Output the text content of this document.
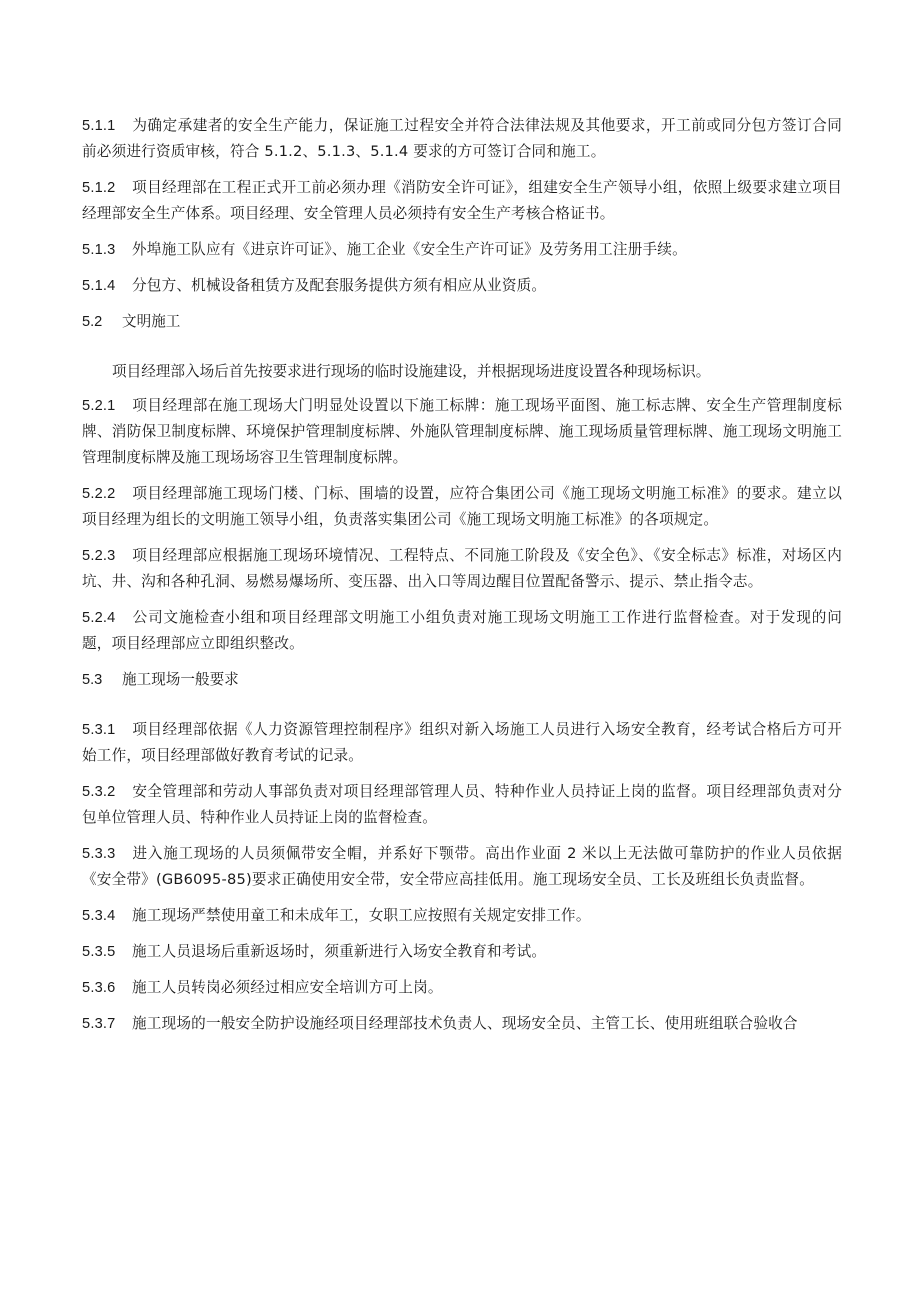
5.1.1 为确定承建者的安全生产能力，保证施工过程安全并符合法律法规及其他要求，开工前或同分包方签订合同前必须进行资质审核，符合 5.1.2、5.1.3、5.1.4 要求的方可签订合同和施工。

5.1.2 项目经理部在工程正式开工前必须办理《消防安全许可证》，组建安全生产领导小组，依照上级要求建立项目经理部安全生产体系。项目经理、安全管理人员必须持有安全生产考核合格证书。

5.1.3 外埠施工队应有《进京许可证》、施工企业《安全生产许可证》及劳务用工注册手续。

5.1.4 分包方、机械设备租赁方及配套服务提供方须有相应从业资质。

5.2 文明施工

项目经理部入场后首先按要求进行现场的临时设施建设，并根据现场进度设置各种现场标识。

5.2.1 项目经理部在施工现场大门明显处设置以下施工标牌：施工现场平面图、施工标志牌、安全生产管理制度标牌、消防保卫制度标牌、环境保护管理制度标牌、外施队管理制度标牌、施工现场质量管理标牌、施工现场文明施工管理制度标牌及施工现场场容卫生管理制度标牌。

5.2.2 项目经理部施工现场门楼、门标、围墙的设置，应符合集团公司《施工现场文明施工标准》的要求。建立以项目经理为组长的文明施工领导小组，负责落实集团公司《施工现场文明施工标准》的各项规定。

5.2.3 项目经理部应根据施工现场环境情况、工程特点、不同施工阶段及《安全色》、《安全标志》标准，对场区内坑、井、沟和各种孔洞、易燃易爆场所、变压器、出入口等周边醒目位置配备警示、提示、禁止指令志。

5.2.4 公司文施检查小组和项目经理部文明施工小组负责对施工现场文明施工工作进行监督检查。对于发现的问题，项目经理部应立即组织整改。

5.3 施工现场一般要求

5.3.1 项目经理部依据《人力资源管理控制程序》组织对新入场施工人员进行入场安全教育，经考试合格后方可开始工作，项目经理部做好教育考试的记录。

5.3.2 安全管理部和劳动人事部负责对项目经理部管理人员、特种作业人员持证上岗的监督。项目经理部负责对分包单位管理人员、特种作业人员持证上岗的监督检查。

5.3.3 进入施工现场的人员须佩带安全帽，并系好下颚带。高出作业面 2 米以上无法做可靠防护的作业人员依据《安全带》(GB6095-85)要求正确使用安全带，安全带应高挂低用。施工现场安全员、工长及班组长负责监督。

5.3.4 施工现场严禁使用童工和未成年工，女职工应按照有关规定安排工作。

5.3.5 施工人员退场后重新返场时，须重新进行入场安全教育和考试。

5.3.6 施工人员转岗必须经过相应安全培训方可上岗。

5.3.7 施工现场的一般安全防护设施经项目经理部技术负责人、现场安全员、主管工长、使用班组联合验收合
